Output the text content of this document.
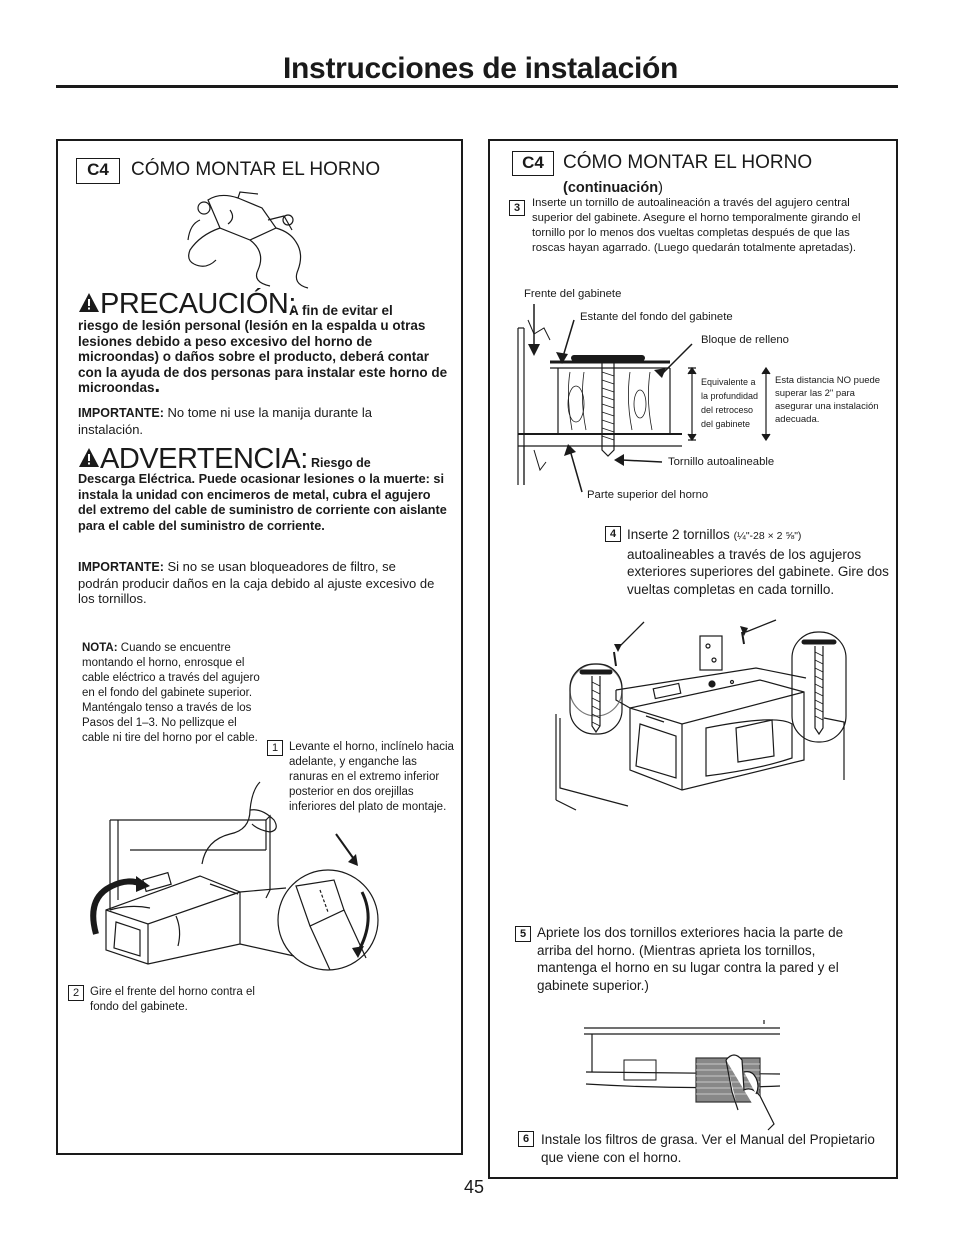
Instrucciones de instalación
C4	CÓMO MONTAR EL HORNO
PRECAUCIÓN:
A fin de evitar el
riesgo de lesión personal (lesión en la espalda u otras lesiones debido a peso excesivo del horno de microondas) o daños sobre el producto, deberá contar con la ayuda de dos personas para instalar este horno de microondas.
IMPORTANTE: No tome ni use la manija durante la instalación.
ADVERTENCIA: Riesgo de
Descarga Eléctrica. Puede ocasionar lesiones o la muerte: si instala la unidad con encimeros de metal, cubra el agujero del extremo del cable de suministro de corriente con aislante para el cable del suministro de corriente.
IMPORTANTE: Si no se usan bloqueadores de filtro, se podrán producir daños en la caja debido al ajuste excesivo de los tornillos.
NOTA: Cuando se encuentre montando el horno, enrosque el cable eléctrico a través del agujero en el fondo del gabinete superior. Manténgalo tenso a través de los Pasos del 1–3. No pellizque el cable ni tire del horno por el cable.
1 Levante el horno, inclínelo hacia adelante, y enganche las ranuras en el extremo inferior posterior en dos orejillas inferiores del plato de montaje.
2 Gire el frente del horno contra el fondo del gabinete.
C4	CÓMO MONTAR EL HORNO
(continuación)
3	Inserte un tornillo de autoalineación a través del agujero central superior del gabinete. Asegure el horno temporalmente girando el tornillo por lo menos dos vueltas completas después de que las roscas hayan agarrado. (Luego quedarán totalmente apretadas).
Frente del gabinete
Estante del fondo del gabinete
Bloque de relleno
Equivalente a la profundidad del retroceso del gabinete
Esta distancia NO puede superar las 2" para asegurar una instalación adecuada.
Tornillo autoalineable
Parte superior del horno
4 Inserte 2 tornillos (¼"-28 × 2 ⅝") autoalineables a través de los agujeros exteriores superiores del gabinete. Gire dos vueltas completas en cada tornillo.
5 Apriete los dos tornillos exteriores hacia la parte de arriba del horno. (Mientras aprieta los tornillos, mantenga el horno en su lugar contra la pared y el gabinete superior.)
6 Instale los filtros de grasa. Ver el Manual del Propietario que viene con el horno.
45
